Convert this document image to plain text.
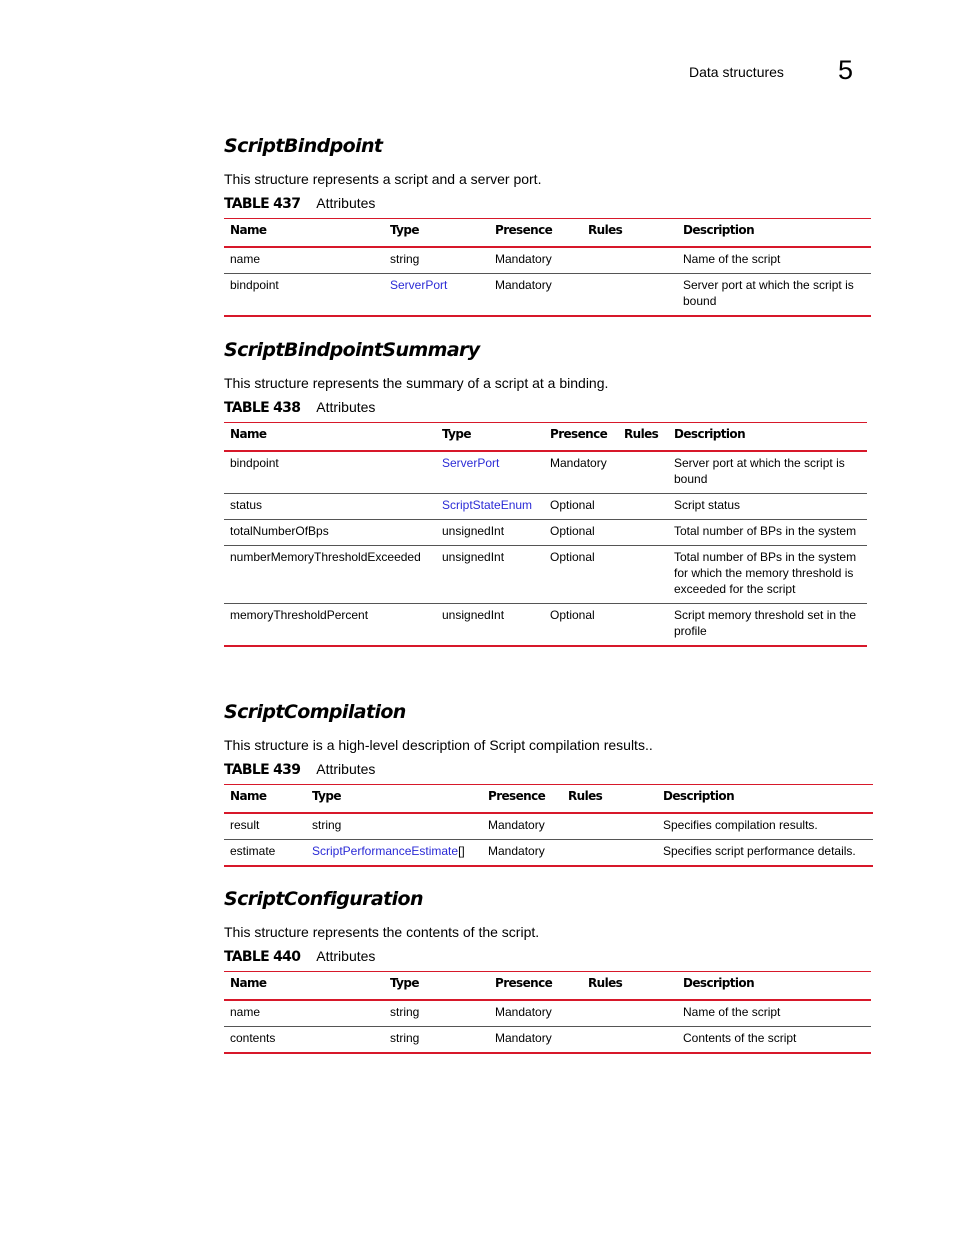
Data structures 5
ScriptBindpoint
This structure represents a script and a server port.
TABLE 437 Attributes
Name	Type	Presence	Rules	Description
name	string	Mandatory		Name of the script
bindpoint	ServerPort	Mandatory		Server port at which the script is bound
ScriptBindpointSummary
This structure represents the summary of a script at a binding.
TABLE 438 Attributes
Name	Type	Presence	Rules	Description
bindpoint	ServerPort	Mandatory		Server port at which the script is bound
status	ScriptStateEnum	Optional		Script status
totalNumberOfBps	unsignedInt	Optional		Total number of BPs in the system
numberMemoryThresholdExceeded	unsignedInt	Optional		Total number of BPs in the system for which the memory threshold is exceeded for the script
memoryThresholdPercent	unsignedInt	Optional		Script memory threshold set in the profile
ScriptCompilation
This structure is a high-level description of Script compilation results..
TABLE 439 Attributes
Name	Type	Presence	Rules	Description
result	string	Mandatory		Specifies compilation results.
estimate	ScriptPerformanceEstimate[]	Mandatory		Specifies script performance details.
ScriptConfiguration
This structure represents the contents of the script.
TABLE 440 Attributes
Name	Type	Presence	Rules	Description
name	string	Mandatory		Name of the script
contents	string	Mandatory		Contents of the script
